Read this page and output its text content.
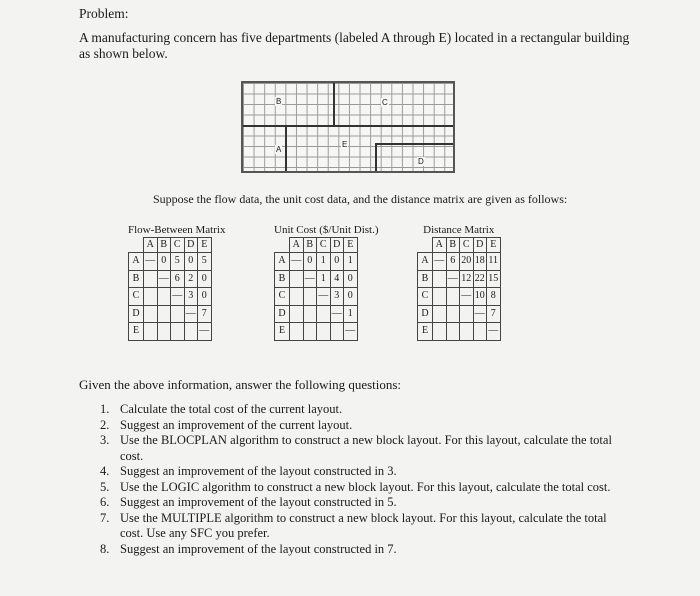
Problem:
A manufacturing concern has five departments (labeled A through E) located in a rectangular building as shown below.
B	C
A
E
D
Suppose the flow data, the unit cost data, and the distance matrix are given as follows:
Flow-Between Matrix
	A	B	C	D	E
A	—	0	5	0	5
B		—	6	2	0
C			—	3	0
D				—	7
E					—
Unit Cost ($/Unit Dist.)
	A	B	C	D	E
A	—	0	1	0	1
B		—	1	4	0
C			—	3	0
D				—	1
E					—
Distance Matrix
	A	B	C	D	E
A	—	6	20	18	11
B		—	12	22	15
C			—	10	8
D				—	7
E					—
Given the above information, answer the following questions:
1. Calculate the total cost of the current layout.
2. Suggest an improvement of the current layout.
3. Use the BLOCPLAN algorithm to construct a new block layout. For this layout, calculate the total cost.
4. Suggest an improvement of the layout constructed in 3.
5. Use the LOGIC algorithm to construct a new block layout. For this layout, calculate the total cost.
6. Suggest an improvement of the layout constructed in 5.
7. Use the MULTIPLE algorithm to construct a new block layout. For this layout, calculate the total cost. Use any SFC you prefer.
8. Suggest an improvement of the layout constructed in 7.
